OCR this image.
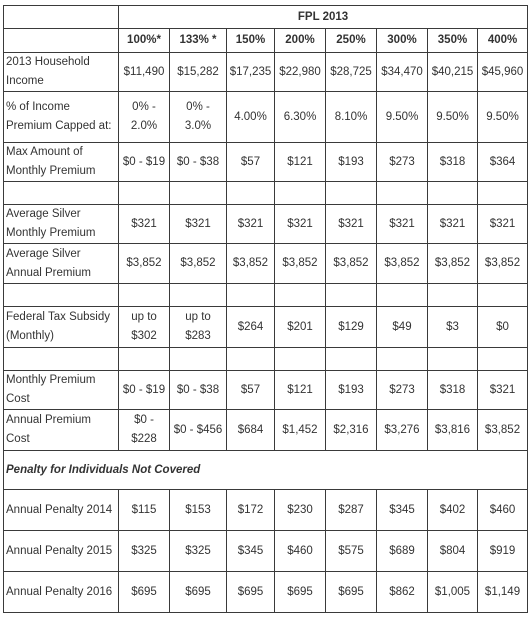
	FPL 2013							
	100%*	133% *	150%	200%	250%	300%	350%	400%
2013 Household Income	$11,490	$15,282	$17,235	$22,980	$28,725	$34,470	$40,215	$45,960
% of Income Premium Capped at:	0% - 2.0%	0% - 3.0%	4.00%	6.30%	8.10%	9.50%	9.50%	9.50%
Max Amount of Monthly Premium	$0 - $19	$0 - $38	$57	$121	$193	$273	$318	$364

Average Silver Monthly Premium	$321	$321	$321	$321	$321	$321	$321	$321
Average Silver Annual Premium	$3,852	$3,852	$3,852	$3,852	$3,852	$3,852	$3,852	$3,852

Federal Tax Subsidy (Monthly)	up to $302	up to $283	$264	$201	$129	$49	$3	$0

Monthly Premium Cost	$0 - $19	$0 - $38	$57	$121	$193	$273	$318	$321
Annual Premium Cost	$0 - $228	$0 - $456	$684	$1,452	$2,316	$3,276	$3,816	$3,852
Penalty for Individuals Not Covered								
Annual Penalty 2014	$115	$153	$172	$230	$287	$345	$402	$460
Annual Penalty 2015	$325	$325	$345	$460	$575	$689	$804	$919
Annual Penalty 2016	$695	$695	$695	$695	$695	$862	$1,005	$1,149
